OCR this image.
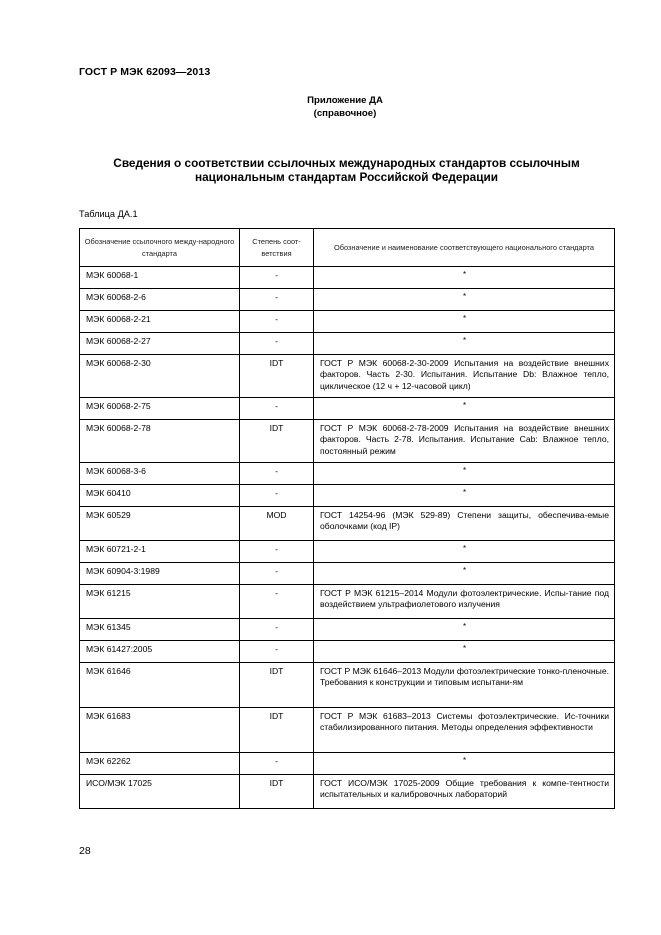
ГОСТ Р МЭК 62093—2013
Приложение ДА
(справочное)
Сведения о соответствии ссылочных международных стандартов ссылочным
национальным стандартам Российской Федерации
Таблица ДА.1
Обозначение ссылочного между-народного стандарта	Степень соот-ветствия	Обозначение и наименование соответствующего национального стандарта
МЭК 60068-1	-	*
МЭК 60068-2-6	-	*
МЭК 60068-2-21	-	*
МЭК 60068-2-27	-	*
МЭК 60068-2-30	IDT	ГОСТ Р МЭК 60068-2-30-2009 Испытания на воздействие внешних факторов. Часть 2-30. Испытания. Испытание Db: Влажное тепло, циклическое (12 ч + 12-часовой цикл)
МЭК 60068-2-75	-	*
МЭК 60068-2-78	IDT	ГОСТ Р МЭК 60068-2-78-2009 Испытания на воздействие внешних факторов. Часть 2-78. Испытания. Испытание Cab: Влажное тепло, постоянный режим
МЭК 60068-3-6	-	*
МЭК 60410	-	*
МЭК 60529	MOD	ГОСТ 14254-96 (МЭК 529-89) Степени защиты, обеспечива-емые оболочками (код IP)
МЭК 60721-2-1	-	*
МЭК 60904-3:1989	-	*
МЭК 61215	-	ГОСТ Р МЭК 61215–2014 Модули фотоэлектрические. Испы-тание под воздействием ультрафиолетового излучения
МЭК 61345	-	*
МЭК 61427:2005	-	*
МЭК 61646	IDT	ГОСТ Р МЭК 61646–2013 Модули фотоэлектрические тонко-пленочные. Требования к конструкции и типовым испытани-ям
МЭК 61683	IDT	ГОСТ Р МЭК 61683–2013 Системы фотоэлектрические. Ис-точники стабилизированного питания. Методы определения эффективности
МЭК 62262	-	*
ИСО/МЭК 17025	IDT	ГОСТ ИСО/МЭК 17025-2009 Общие требования к компе-тентности испытательных и калибровочных лабораторий
28
